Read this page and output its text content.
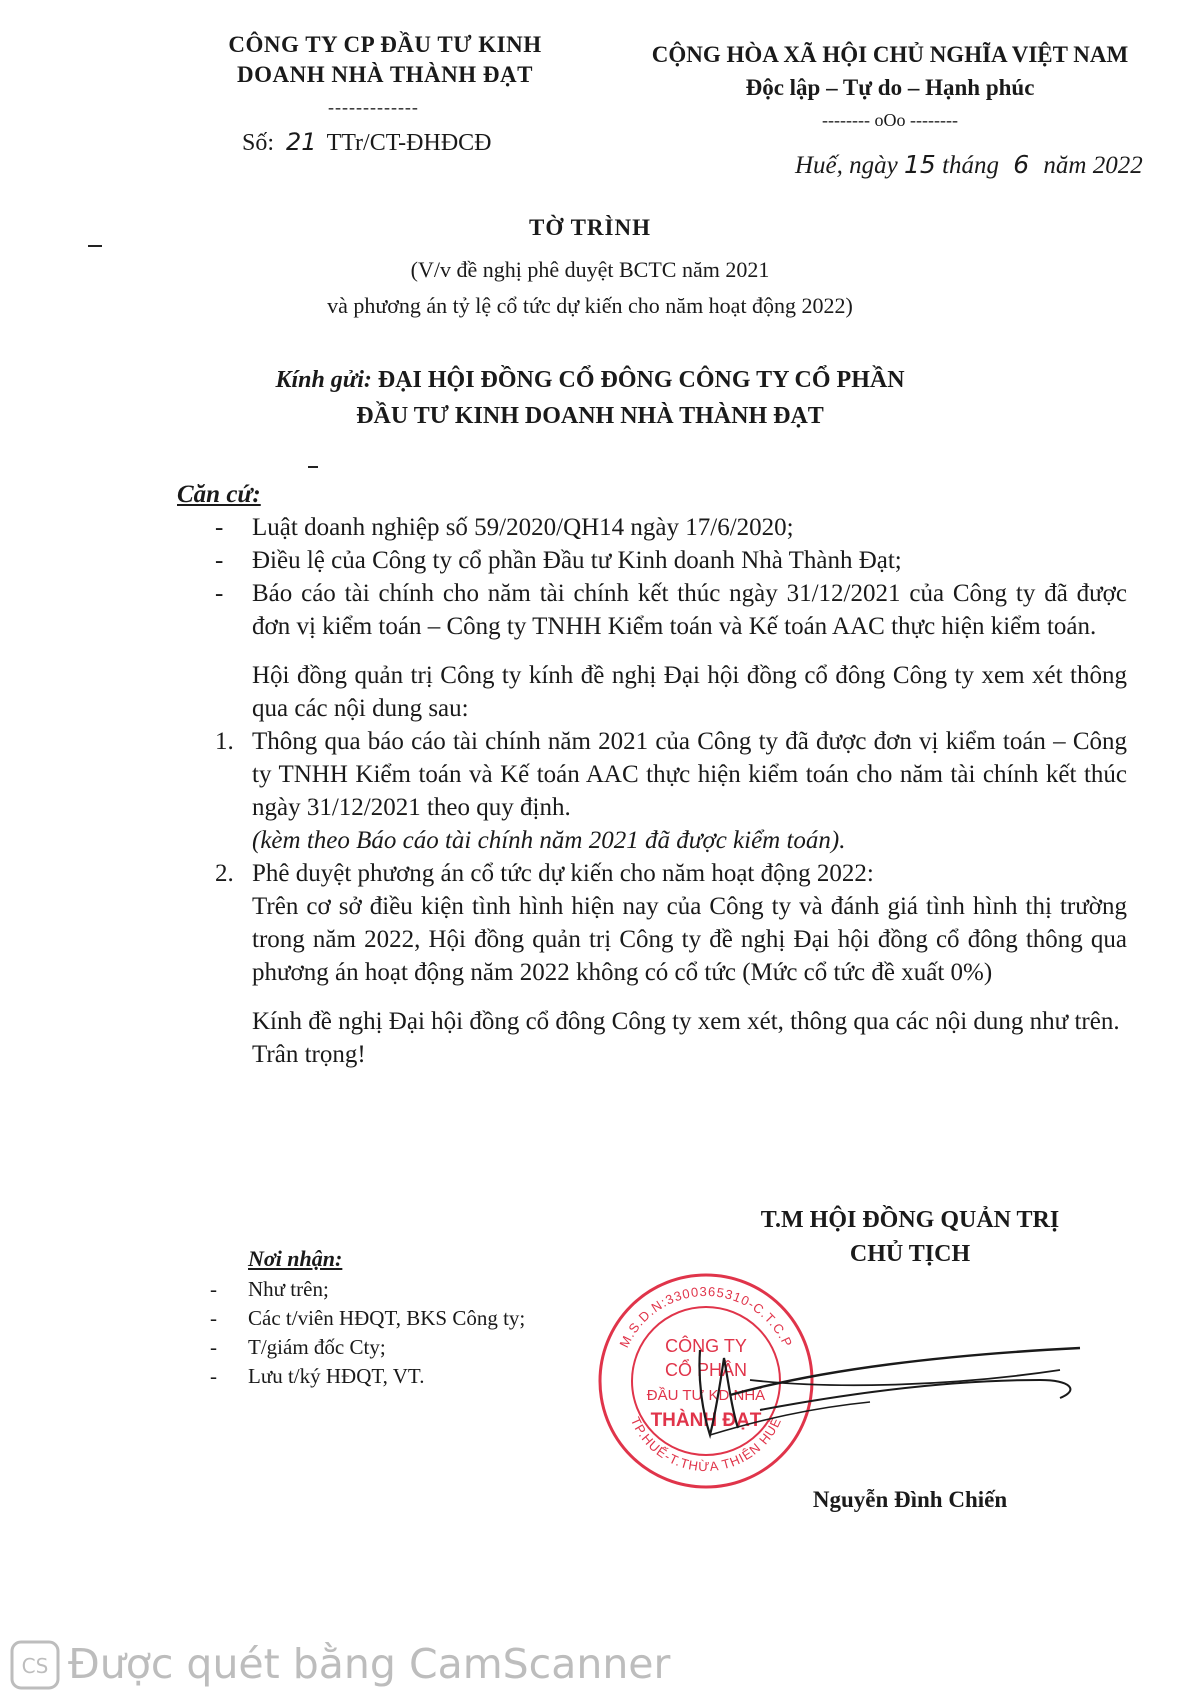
CÔNG TY CP ĐẦU TƯ KINH
DOANH NHÀ THÀNH ĐẠT
-------------
Số: 21 TTr/CT-ĐHĐCĐ
CỘNG HÒA XÃ HỘI CHỦ NGHĨA VIỆT NAM
Độc lập – Tự do – Hạnh phúc
-------- oOo --------
Huế, ngày 15 tháng 6 năm 2022
TỜ TRÌNH
(V/v đề nghị phê duyệt BCTC năm 2021
và phương án tỷ lệ cổ tức dự kiến cho năm hoạt động 2022)
Kính gửi: ĐẠI HỘI ĐỒNG CỔ ĐÔNG CÔNG TY CỔ PHẦN
ĐẦU TƯ KINH DOANH NHÀ THÀNH ĐẠT

Căn cứ:

- Luật doanh nghiệp số 59/2020/QH14 ngày 17/6/2020;
- Điều lệ của Công ty cổ phần Đầu tư Kinh doanh Nhà Thành Đạt;
- Báo cáo tài chính cho năm tài chính kết thúc ngày 31/12/2021 của Công ty đã được đơn vị kiểm toán – Công ty TNHH Kiểm toán và Kế toán AAC thực hiện kiểm toán.

Hội đồng quản trị Công ty kính đề nghị Đại hội đồng cổ đông Công ty xem xét thông qua các nội dung sau:

1. Thông qua báo cáo tài chính năm 2021 của Công ty đã được đơn vị kiểm toán – Công ty TNHH Kiểm toán và Kế toán AAC thực hiện kiểm toán cho năm tài chính kết thúc ngày 31/12/2021 theo quy định.
(kèm theo Báo cáo tài chính năm 2021 đã được kiểm toán).
2. Phê duyệt phương án cổ tức dự kiến cho năm hoạt động 2022:
Trên cơ sở điều kiện tình hình hiện nay của Công ty và đánh giá tình hình thị trường trong năm 2022, Hội đồng quản trị Công ty đề nghị Đại hội đồng cổ đông thông qua phương án hoạt động năm 2022 không có cổ tức (Mức cổ tức đề xuất 0%)

Kính đề nghị Đại hội đồng cổ đông Công ty xem xét, thông qua các nội dung như trên.

Trân trọng!

T.M HỘI ĐỒNG QUẢN TRỊ
CHỦ TỊCH
Nơi nhận:
- Như trên;
- Các t/viên HĐQT, BKS Công ty;
- T/giám đốc Cty;
- Lưu t/ký HĐQT, VT.
M.S.D.N:3300365310-C.T.C.P
TP.HUẾ-T.THỪA THIÊN HUẾ
CÔNG TY
CỔ PHẦN
ĐẦU TƯ KD NHÀ
THÀNH ĐẠT
Nguyễn Đình Chiến
CS Được quét bằng CamScanner
